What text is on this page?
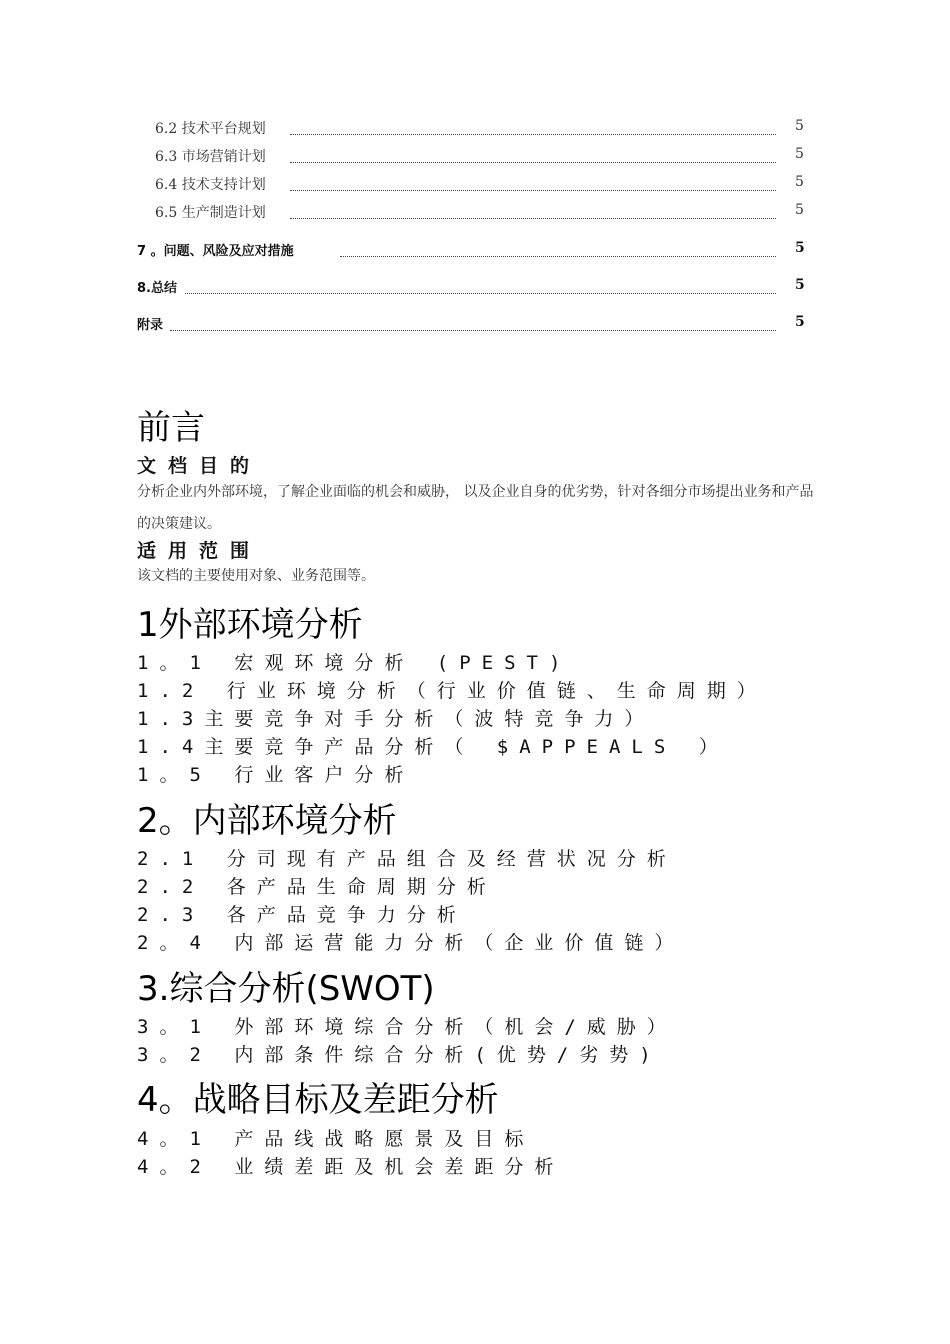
6.2 技术平台规划	5
6.3 市场营销计划	5
6.4 技术支持计划	5
6.5 生产制造计划	5
7 。问题、风险及应对措施	5
8.总结	5
附录	5
前言
文档目的

分析企业内外部环境，了解企业面临的机会和威胁， 以及企业自身的优劣势，针对各细分市场提出业务和产品的决策建议。

适用范围

该文档的主要使用对象、业务范围等。

1外部环境分析
1。1 宏观环境分析 (PEST)
1.2 行业环境分析（行业价值链、生命周期）
1.3主要竞争对手分析（波特竞争力）
1.4主要竞争产品分析（ $APPEALS ）
1。5 行业客户分析
2。内部环境分析
2.1 分司现有产品组合及经营状况分析
2.2 各产品生命周期分析
2.3 各产品竞争力分析
2。4 内部运营能力分析（企业价值链）
3.综合分析(SWOT)
3。1 外部环境综合分析（机会/威胁）
3。2 内部条件综合分析(优势/劣势)
4。战略目标及差距分析
4。1 产品线战略愿景及目标
4。2 业绩差距及机会差距分析
